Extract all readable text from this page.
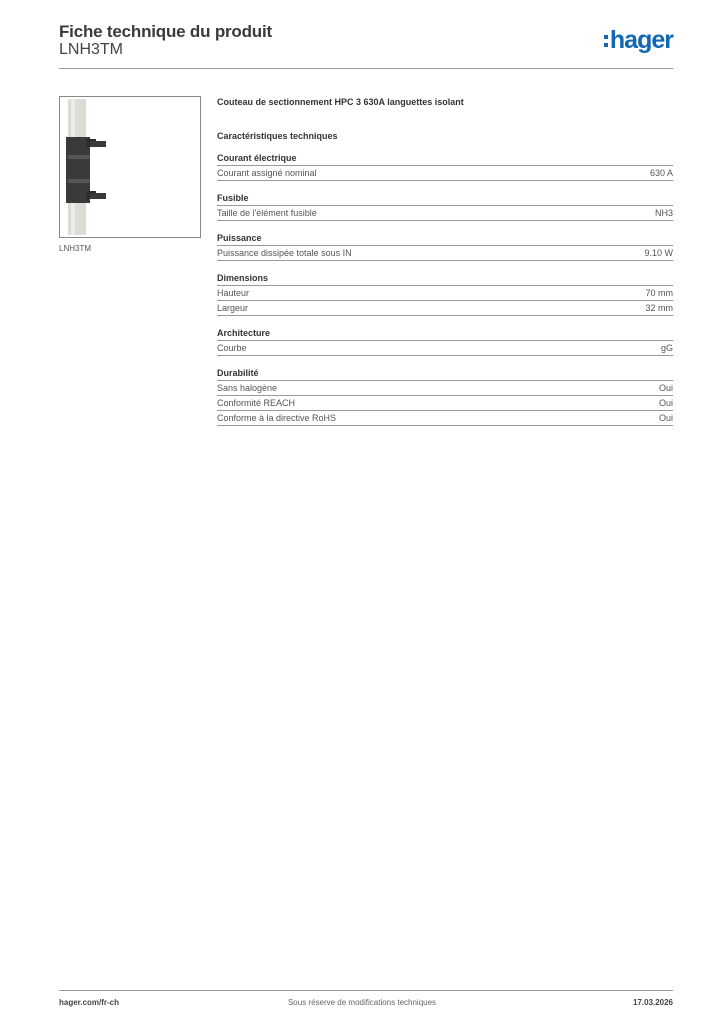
Fiche technique du produit
LNH3TM	hager
LNH3TM
Couteau de sectionnement HPC 3 630A languettes isolant
Caractéristiques techniques
Courant électrique
Courant assigné nominal	630 A
Fusible
Taille de l'élément fusible	NH3
Puissance
Puissance dissipée totale sous IN	9.10 W
Dimensions
Hauteur	70 mm
Largeur	32 mm
Architecture
Courbe	gG
Durabilité
Sans halogène	Oui
Conformité REACH	Oui
Conforme à la directive RoHS	Oui
hager.com/fr-ch	Sous réserve de modifications techniques	17.03.2026
